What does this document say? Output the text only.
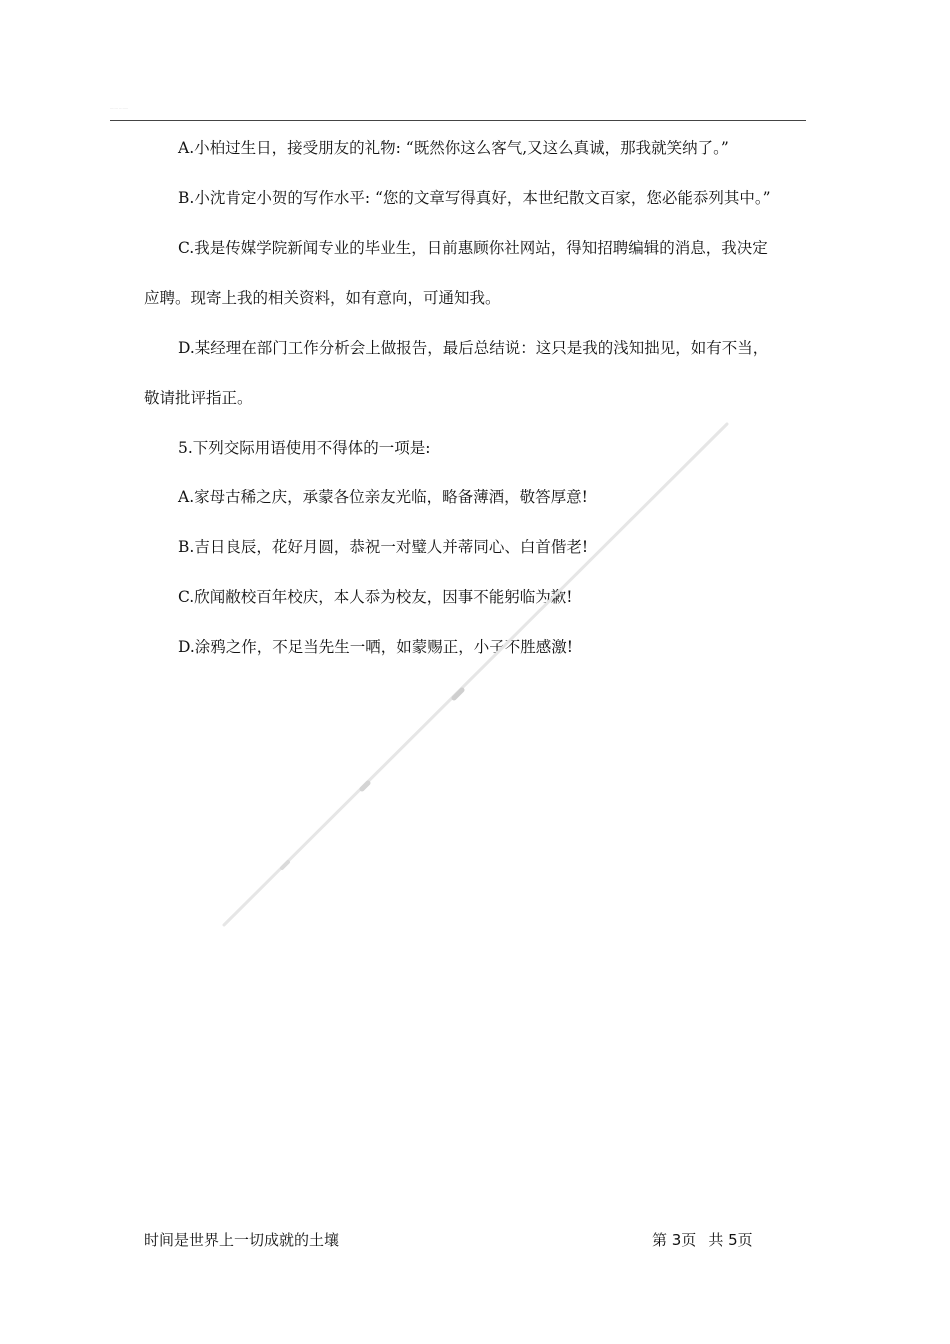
······· ········
A.小柏过生日，接受朋友的礼物: “既然你这么客气,又这么真诚，那我就笑纳了。”
B.小沈肯定小贺的写作水平: “您的文章写得真好，本世纪散文百家，您必能忝列其中。”
C.我是传媒学院新闻专业的毕业生，日前惠顾你社网站，得知招聘编辑的消息，我决定
应聘。现寄上我的相关资料，如有意向，可通知我。
D.某经理在部门工作分析会上做报告，最后总结说：这只是我的浅知拙见，如有不当，
敬请批评指正。
5.下列交际用语使用不得体的一项是:
A.家母古稀之庆，承蒙各位亲友光临，略备薄酒，敬答厚意!
B.吉日良辰，花好月圆，恭祝一对璧人并蒂同心、白首偕老!
C.欣闻敝校百年校庆，本人忝为校友，因事不能躬临为歉!
D.涂鸦之作，不足当先生一哂，如蒙赐正，小子不胜感激!
时间是世界上一切成就的土壤	第 3页 共 5页
